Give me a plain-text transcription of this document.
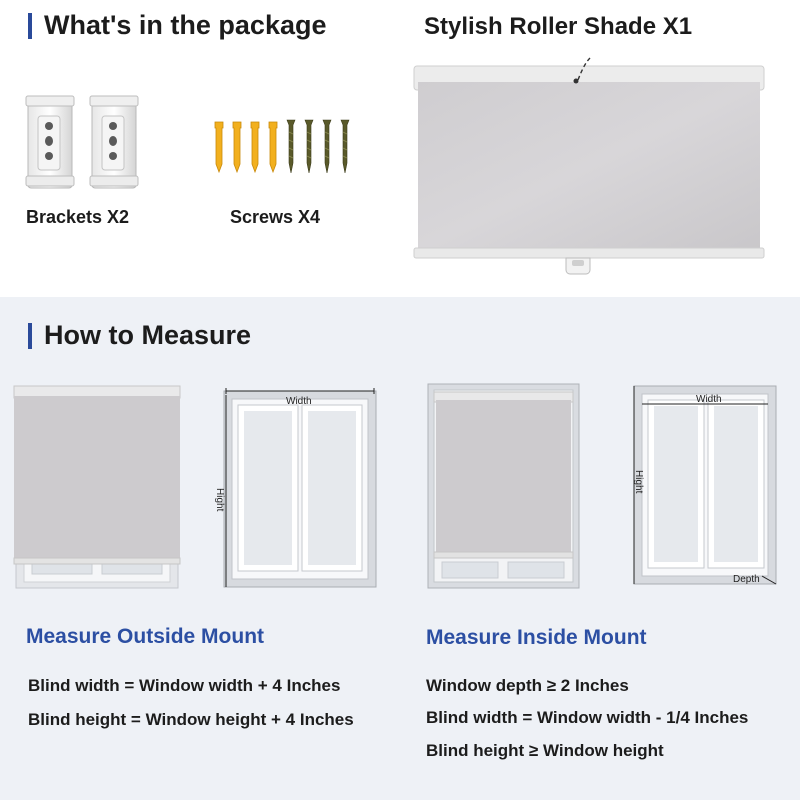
What's in the package
Brackets X2	Screws X4
Stylish Roller Shade X1
How to Measure
Width
Hight
Width
Hight
Depth
Measure Outside Mount
Blind width = Window width + 4 Inches
Blind height = Window height + 4 Inches
Measure Inside Mount
Window depth ≥ 2 Inches
Blind width = Window width - 1/4 Inches
Blind height ≥ Window height
